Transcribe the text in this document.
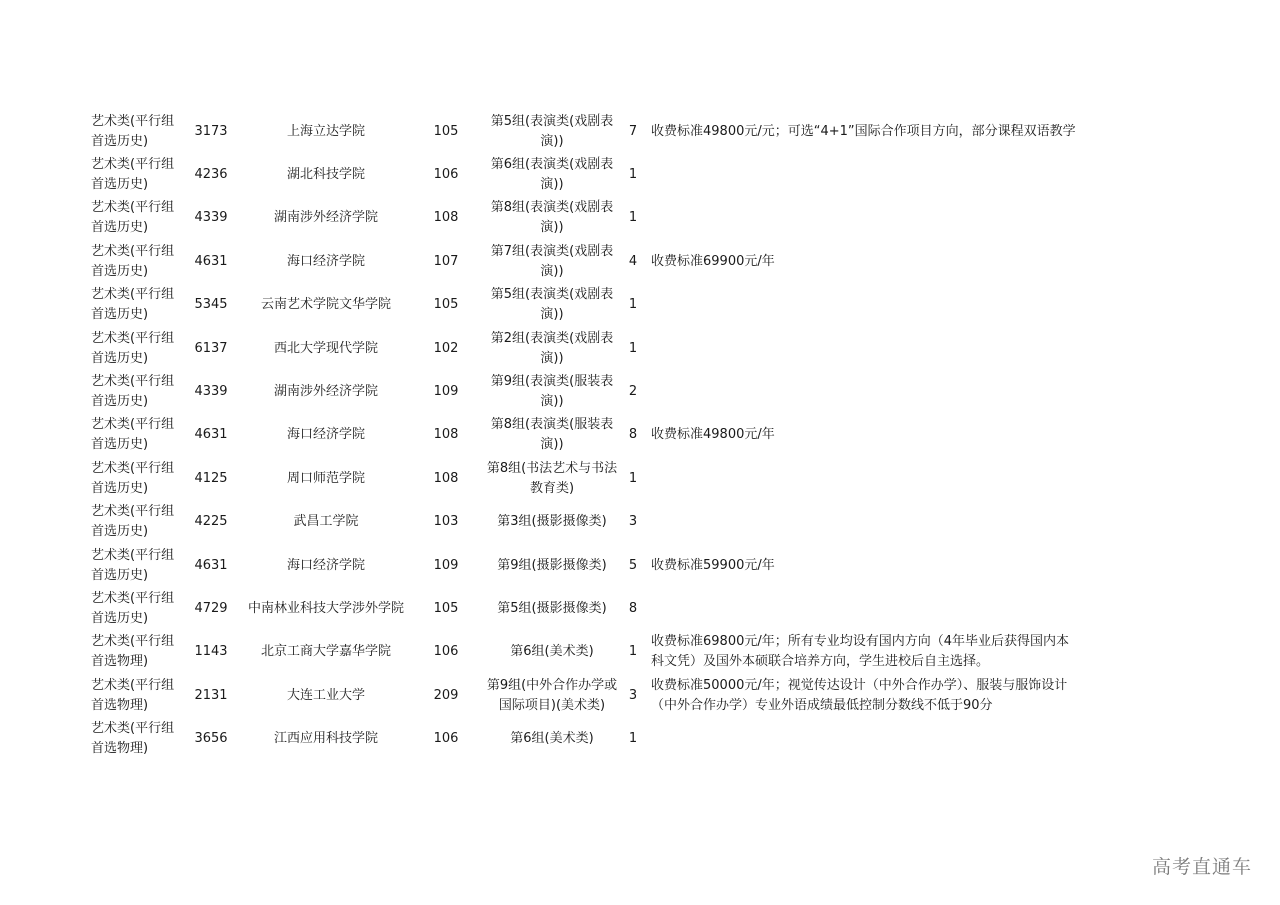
艺术类(平行组首选历史)	3173	上海立达学院	105	第5组(表演类(戏剧表演))	7	收费标准49800元/元；可选“4+1”国际合作项目方向，部分课程双语教学
艺术类(平行组首选历史)	4236	湖北科技学院	106	第6组(表演类(戏剧表演))	1	
艺术类(平行组首选历史)	4339	湖南涉外经济学院	108	第8组(表演类(戏剧表演))	1	
艺术类(平行组首选历史)	4631	海口经济学院	107	第7组(表演类(戏剧表演))	4	收费标准69900元/年
艺术类(平行组首选历史)	5345	云南艺术学院文华学院	105	第5组(表演类(戏剧表演))	1	
艺术类(平行组首选历史)	6137	西北大学现代学院	102	第2组(表演类(戏剧表演))	1	
艺术类(平行组首选历史)	4339	湖南涉外经济学院	109	第9组(表演类(服装表演))	2	
艺术类(平行组首选历史)	4631	海口经济学院	108	第8组(表演类(服装表演))	8	收费标准49800元/年
艺术类(平行组首选历史)	4125	周口师范学院	108	第8组(书法艺术与书法教育类)	1	
艺术类(平行组首选历史)	4225	武昌工学院	103	第3组(摄影摄像类)	3	
艺术类(平行组首选历史)	4631	海口经济学院	109	第9组(摄影摄像类)	5	收费标准59900元/年
艺术类(平行组首选历史)	4729	中南林业科技大学涉外学院	105	第5组(摄影摄像类)	8	
艺术类(平行组首选物理)	1143	北京工商大学嘉华学院	106	第6组(美术类)	1	收费标准69800元/年；所有专业均设有国内方向（4年毕业后获得国内本科文凭）及国外本硕联合培养方向，学生进校后自主选择。
艺术类(平行组首选物理)	2131	大连工业大学	209	第9组(中外合作办学或国际项目)(美术类)	3	收费标准50000元/年；视觉传达设计（中外合作办学）、服装与服饰设计（中外合作办学）专业外语成绩最低控制分数线不低于90分
艺术类(平行组首选物理)	3656	江西应用科技学院	106	第6组(美术类)	1	
高考直通车
